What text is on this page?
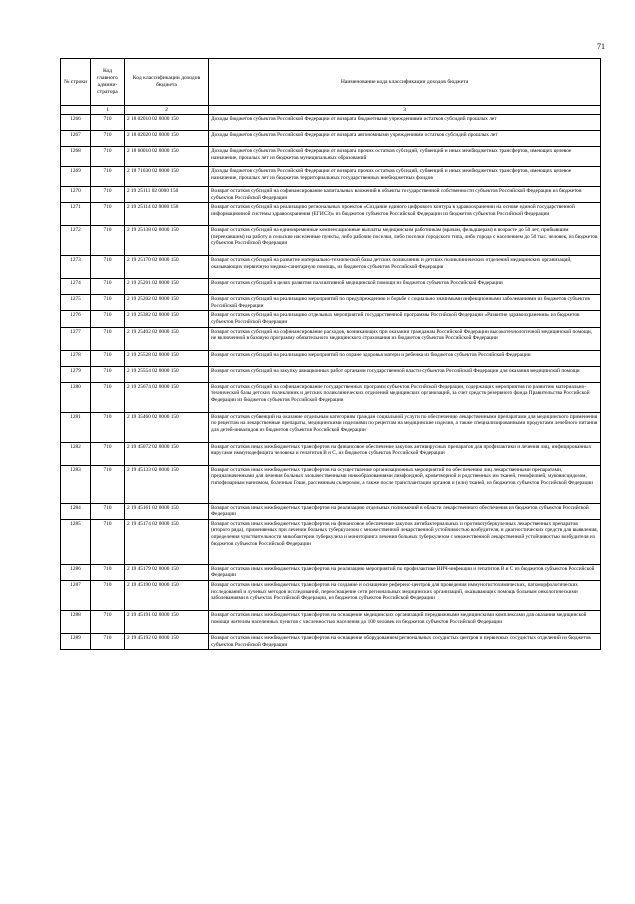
71
№ строки	Код главного админи-стратора	Код классификации доходов бюджета	Наименование кода классификации доходов бюджета
	1	2	3
1266	710	2 18 02010 02 0000 150	Доходы бюджетов субъектов Российской Федерации от возврата бюджетными учреждениями остатков субсидий прошлых лет
1267	710	2 18 02020 02 0000 150	Доходы бюджетов субъектов Российской Федерации от возврата автономными учреждениями остатков субсидий прошлых лет
1268	710	2 18 60010 02 0000 150	Доходы бюджетов субъектов Российской Федерации от возврата прочих остатков субсидий, субвенций и иных межбюджетных трансфертов, имеющих целевое назначение, прошлых лет из бюджетов муниципальных образований
1269	710	2 18 71030 02 0000 150	Доходы бюджетов субъектов Российской Федерации от возврата прочих остатков субсидий, субвенций и иных межбюджетных трансфертов, имеющих целевое назначение, прошлых лет из бюджетов территориальных государственных внебюджетных фондов
1270	710	2 19 25111 02 0000 150	Возврат остатков субсидий на софинансирование капитальных вложений в объекты государственной собственности субъектов Российской Федерации из бюджетов субъектов Российской Федерации
1271	710	2 19 25114 02 0000 150	Возврат остатков субсидий на реализацию региональных проектов «Создание единого цифрового контура в здравоохранении на основе единой государственной информационной системы здравоохранения (ЕГИСЗ)» из бюджетов субъектов Российской Федерации из бюджетов субъектов Российской Федерации
1272	710	2 19 25138 02 0000 150	Возврат остатков субсидий на единовременные компенсационные выплаты медицинским работникам (врачам, фельдшерам) в возрасте до 50 лет, прибывшим (переехавшим) на работу в сельские населенные пункты, либо рабочие поселки, либо поселки городского типа, либо города с населением до 50 тыс. человек, из бюджетов субъектов Российской Федерации
1273	710	2 19 25170 02 0000 150	Возврат остатков субсидий на развитие материально-технической базы детских поликлиник и детских поликлинических отделений медицинских организаций, оказывающих первичную медико-санитарную помощь, из бюджетов субъектов Российской Федерации
1274	710	2 19 25201 02 0000 150	Возврат остатков субсидий в целях развития паллиативной медицинской помощи из бюджетов субъектов Российской Федерации
1275	710	2 19 25202 02 0000 150	Возврат остатков субсидий на реализацию мероприятий по предупреждению и борьбе с социально значимыми инфекционными заболеваниями из бюджетов субъектов Российской Федерации
1276	710	2 19 25382 02 0000 150	Возврат остатков субсидий на реализацию отдельных мероприятий государственной программы Российской Федерации «Развитие здравоохранения» из бюджетов субъектов Российской Федерации
1277	710	2 19 25402 02 0000 150	Возврат остатков субсидий на софинансирование расходов, возникающих при оказании гражданам Российской Федерации высокотехнологичной медицинской помощи, не включенной в базовую программу обязательного медицинского страхования из бюджетов субъектов Российской Федерации
1278	710	2 19 25528 02 0000 150	Возврат остатков субсидий на реализацию мероприятий по охране здоровья матери и ребенка из бюджетов субъектов Российской Федерации
1279	710	2 19 25554 02 0000 150	Возврат остатков субсидий на закупку авиационных работ органами государственной власти субъектов Российской Федерации для оказания медицинской помощи
1280	710	2 19 25674 02 0000 150	Возврат остатков субсидий на софинансирование государственных программ субъектов Российской Федерации, содержащих мероприятия по развитию материально-технической базы детских поликлиник и детских поликлинических отделений медицинских организаций, за счет средств резервного фонда Правительства Российской Федерации из бюджетов субъектов Российской Федерации
1281	710	2 19 35460 02 0000 150	Возврат остатков субвенций на оказание отдельным категориям граждан социальной услуги по обеспечению лекарственными препаратами для медицинского применения по рецептам на лекарственные препараты, медицинскими изделиями по рецептам на медицинские изделия, а также специализированными продуктами лечебного питания для детей-инвалидов из бюджетов субъектов Российской Федерации
1282	710	2 19 45072 02 0000 150	Возврат остатков иных межбюджетных трансфертов на финансовое обеспечение закупок антивирусных препаратов для профилактики и лечения лиц, инфицированных вирусами иммунодефицита человека и гепатитов B и C, из бюджетов субъектов Российской Федерации
1283	710	2 19 45133 02 0000 150	Возврат остатков иных межбюджетных трансфертов на осуществление организационных мероприятий по обеспечению лиц лекарственными препаратами, предназначенными для лечения больных злокачественными новообразованиями лимфоидной, кроветворной и родственных им тканей, гемофилией, муковисцидозом, гипофизарным нанизмом, болезнью Гоше, рассеянным склерозом, а также после трансплантации органов и (или) тканей, из бюджетов субъектов Российской Федерации
1284	710	2 19 45161 02 0000 150	Возврат остатков иных межбюджетных трансфертов на реализацию отдельных полномочий в области лекарственного обеспечения из бюджетов субъектов Российской Федерации
1285	710	2 19 45174 02 0000 150	Возврат остатков иных межбюджетных трансфертов на финансовое обеспечение закупок антибактериальных и противотуберкулезных лекарственных препаратов (второго ряда), применяемых при лечении больных туберкулезом с множественной лекарственной устойчивостью возбудителя, и диагностических средств для выявления, определения чувствительности микобактерии туберкулеза и мониторинга лечения больных туберкулезом с множественной лекарственной устойчивостью возбудителя из бюджетов субъектов Российской Федерации
1286	710	2 19 45179 02 0000 150	Возврат остатков иных межбюджетных трансфертов на реализацию мероприятий по профилактике ВИЧ-инфекции и гепатитов B и C из бюджетов субъектов Российской Федерации
1287	710	2 19 45190 02 0000 150	Возврат остатков иных межбюджетных трансфертов на создание и оснащение референс-центров для проведения иммуногистохимических, патоморфологических исследований и лучевых методов исследований, переоснащение сети региональных медицинских организаций, оказывающих помощь больным онкологическими заболеваниями в субъектах Российской Федерации, из бюджетов субъектов Российской Федерации
1288	710	2 19 45191 02 0000 150	Возврат остатков иных межбюджетных трансфертов на оснащение медицинских организаций передвижными медицинскими комплексами для оказания медицинской помощи жителям населенных пунктов с численностью населения до 100 человек из бюджетов субъектов Российской Федерации
1289	710	2 19 45192 02 0000 150	Возврат остатков иных межбюджетных трансфертов на оснащение оборудованием региональных сосудистых центров и первичных сосудистых отделений из бюджетов субъектов Российской Федерации
